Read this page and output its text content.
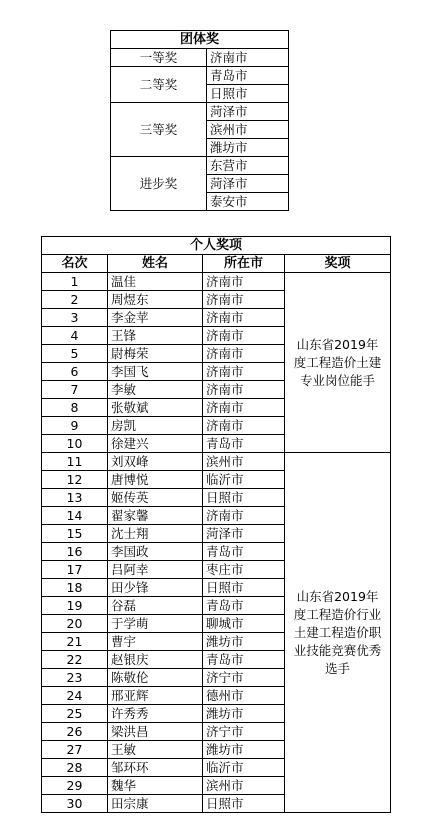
团体奖	
一等奖	济南市
二等奖	青岛市
	日照市
三等奖	菏泽市
	滨州市
	潍坊市
进步奖	东营市
	菏泽市
	泰安市
个人奖项			
名次	姓名	所在市	奖项
1	温佳	济南市	山东省2019年度工程造价土建专业岗位能手
2	周煜东	济南市	
3	李金苹	济南市	
4	王锋	济南市	
5	尉梅荣	济南市	
6	李国飞	济南市	
7	李敏	济南市	
8	张敬斌	济南市	
9	房凯	济南市	
10	徐建兴	青岛市	
11	刘双峰	滨州市	山东省2019年度工程造价行业土建工程造价职业技能竞赛优秀选手
12	唐博悦	临沂市	
13	姬传英	日照市	
14	翟家馨	济南市	
15	沈士翔	菏泽市	
16	李国政	青岛市	
17	吕阿幸	枣庄市	
18	田少锋	日照市	
19	谷磊	青岛市	
20	于学萌	聊城市	
21	曹宇	潍坊市	
22	赵银庆	青岛市	
23	陈敬伦	济宁市	
24	邢亚辉	德州市	
25	许秀秀	潍坊市	
26	梁洪昌	济宁市	
27	王敏	潍坊市	
28	邹环环	临沂市	
29	魏华	滨州市	
30	田宗康	日照市	
